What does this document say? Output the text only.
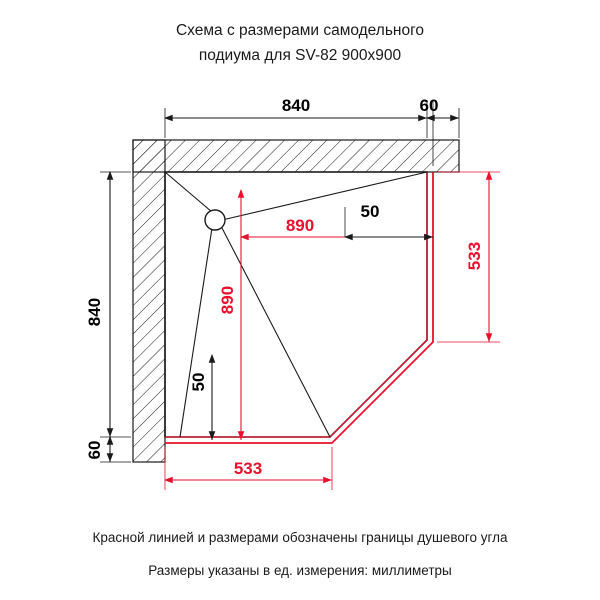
Схема с размерами самодельного
подиума для SV-82 900x900
840	60
840
60
890
890
50
50
533
533
Красной линией и размерами обозначены границы душевого угла
Размеры указаны в ед. измерения: миллиметры
